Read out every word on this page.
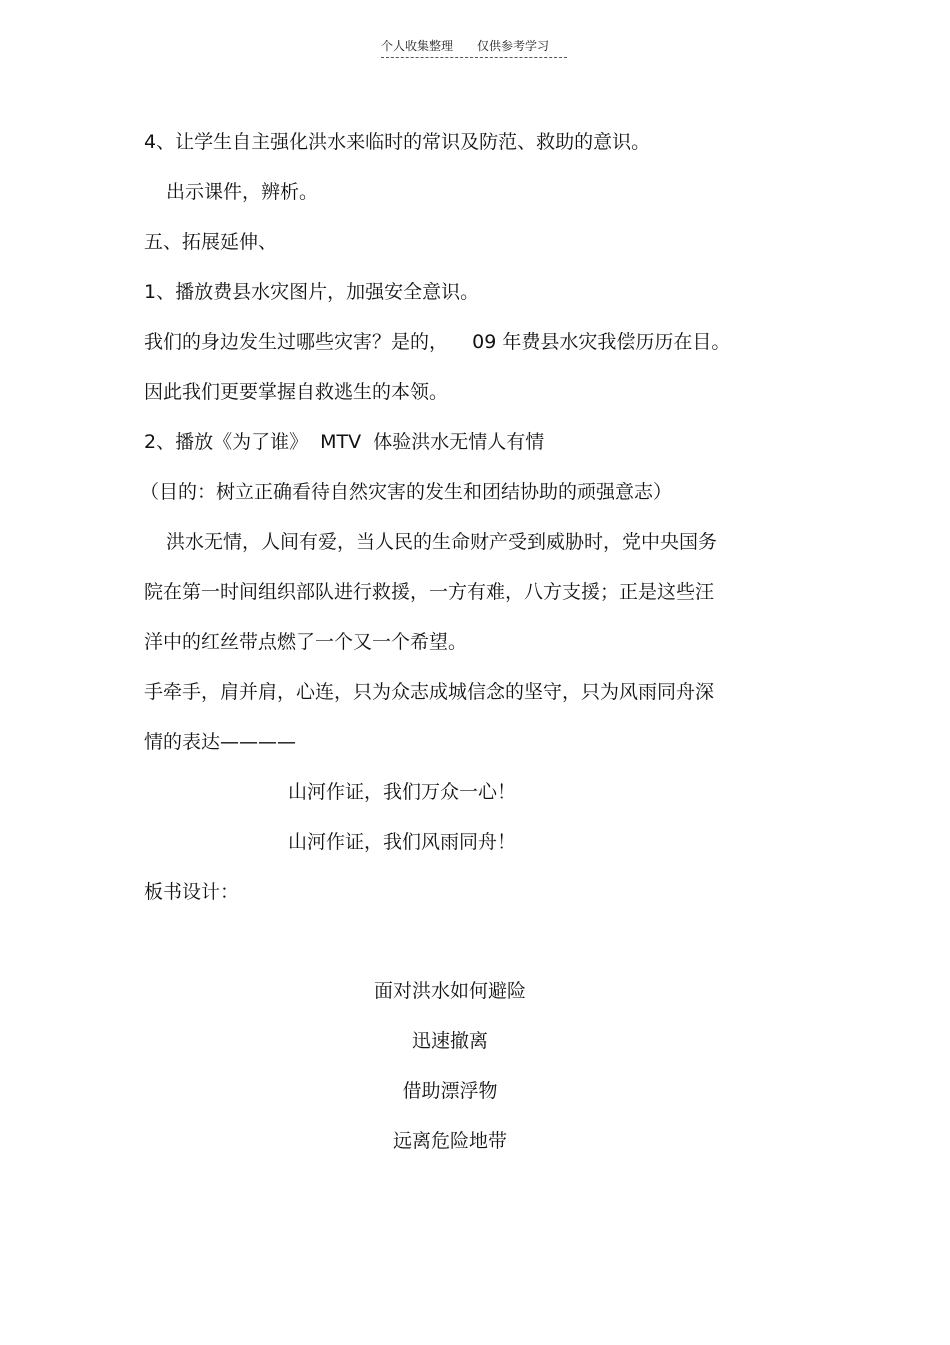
个人收集整理 仅供参考学习
4、让学生自主强化洪水来临时的常识及防范、救助的意识。
出示课件，辨析。
五、拓展延伸、
1、播放费县水灾图片，加强安全意识。
我们的身边发生过哪些灾害？是的，    09 年费县水灾我偿历历在目。
因此我们更要掌握自救逃生的本领。
2、播放《为了谁》  MTV  体验洪水无情人有情
（目的：树立正确看待自然灾害的发生和团结协助的顽强意志）
洪水无情，人间有爱，当人民的生命财产受到威胁时，党中央国务
院在第一时间组织部队进行救援，一方有难，八方支援；正是这些汪
洋中的红丝带点燃了一个又一个希望。
手牵手，肩并肩，心连，只为众志成城信念的坚守，只为风雨同舟深
情的表达————
山河作证，我们万众一心！
山河作证，我们风雨同舟！
板书设计：
面对洪水如何避险
迅速撤离
借助漂浮物
远离危险地带
